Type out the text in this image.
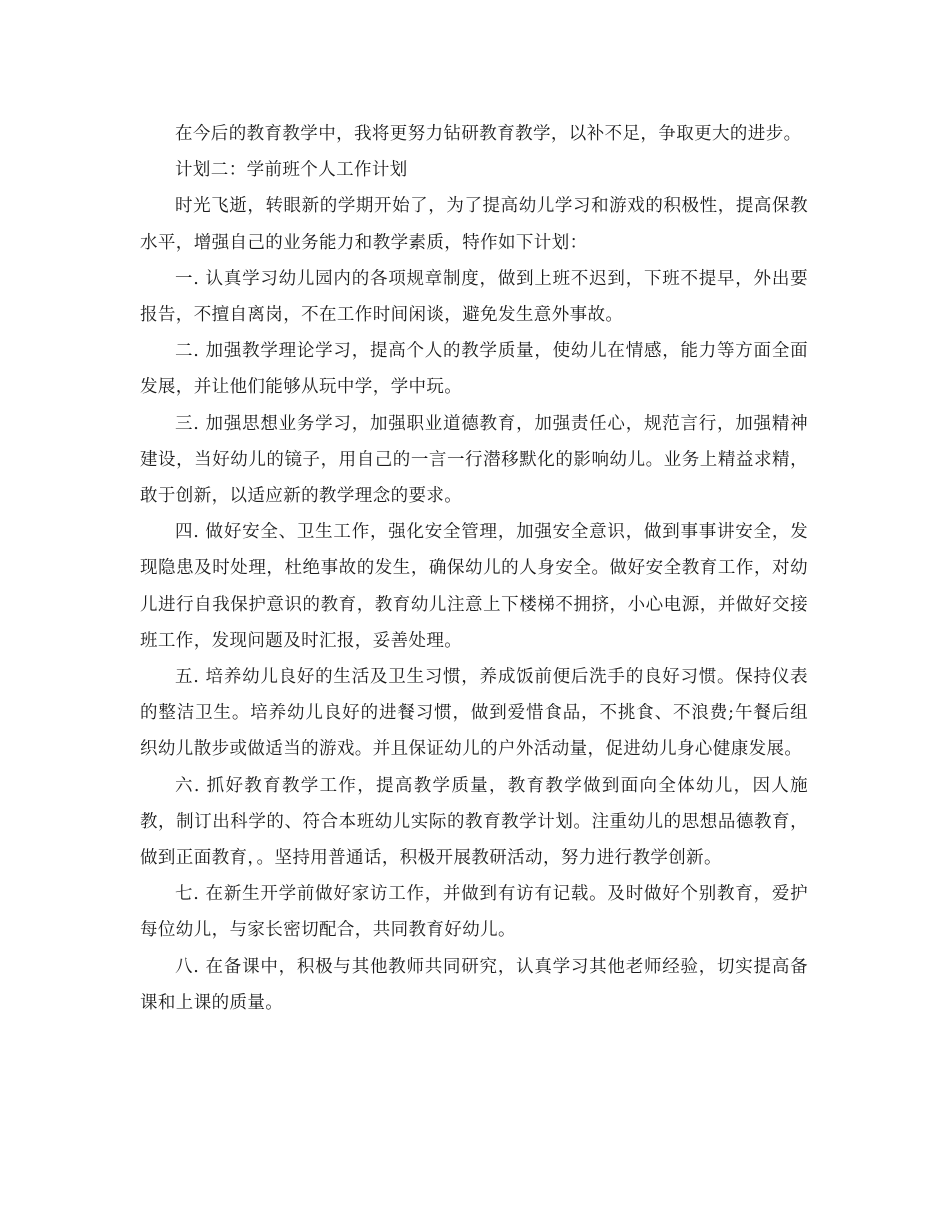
在今后的教育教学中，我将更努力钻研教育教学，以补不足，争取更大的进步。

计划二：学前班个人工作计划

时光飞逝，转眼新的学期开始了，为了提高幼儿学习和游戏的积极性，提高保教水平，增强自己的业务能力和教学素质，特作如下计划：

一. 认真学习幼儿园内的各项规章制度，做到上班不迟到，下班不提早，外出要报告，不擅自离岗，不在工作时间闲谈，避免发生意外事故。

二. 加强教学理论学习，提高个人的教学质量，使幼儿在情感，能力等方面全面发展，并让他们能够从玩中学，学中玩。

三. 加强思想业务学习，加强职业道德教育，加强责任心，规范言行，加强精神建设，当好幼儿的镜子，用自己的一言一行潜移默化的影响幼儿。业务上精益求精，敢于创新，以适应新的教学理念的要求。

四. 做好安全、卫生工作，强化安全管理，加强安全意识，做到事事讲安全，发现隐患及时处理，杜绝事故的发生，确保幼儿的人身安全。做好安全教育工作，对幼儿进行自我保护意识的教育，教育幼儿注意上下楼梯不拥挤，小心电源，并做好交接班工作，发现问题及时汇报，妥善处理。

五. 培养幼儿良好的生活及卫生习惯，养成饭前便后洗手的良好习惯。保持仪表的整洁卫生。培养幼儿良好的进餐习惯，做到爱惜食品，不挑食、不浪费;午餐后组织幼儿散步或做适当的游戏。并且保证幼儿的户外活动量，促进幼儿身心健康发展。

六. 抓好教育教学工作，提高教学质量，教育教学做到面向全体幼儿，因人施教，制订出科学的、符合本班幼儿实际的教育教学计划。注重幼儿的思想品德教育，做到正面教育，。坚持用普通话，积极开展教研活动，努力进行教学创新。

七. 在新生开学前做好家访工作，并做到有访有记载。及时做好个别教育，爱护每位幼儿，与家长密切配合，共同教育好幼儿。

八. 在备课中，积极与其他教师共同研究，认真学习其他老师经验，切实提高备课和上课的质量。
